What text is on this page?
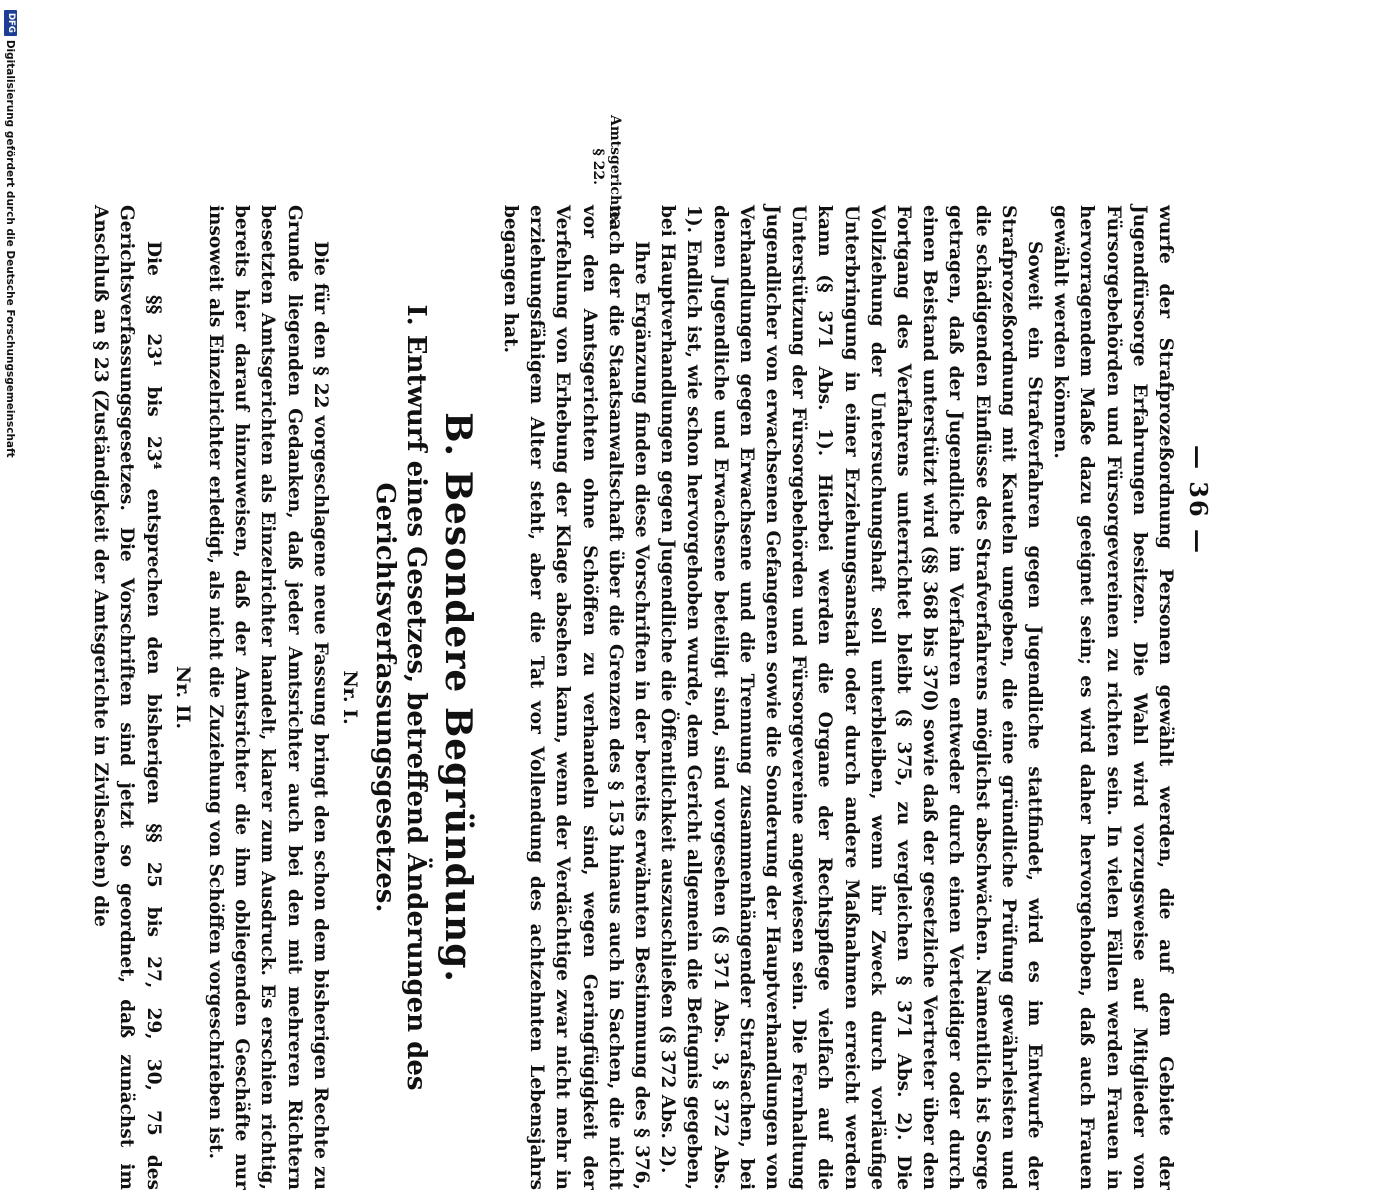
— 36 —
Amtsgerichte.
§ 22.

wurfe der Strafprozeßordnung Personen gewählt werden, die auf dem Gebiete der Jugendfürsorge Erfahrungen besitzen. Die Wahl wird vorzugsweise auf Mitglieder von Fürsorgebehörden und Fürsorgevereinen zu richten sein. In vielen Fällen werden Frauen in hervorragendem Maße dazu geeignet sein; es wird daher hervorgehoben, daß auch Frauen gewählt werden können.

Soweit ein Strafverfahren gegen Jugendliche stattfindet, wird es im Entwurfe der Strafprozeßordnung mit Kauteln umgeben, die eine gründliche Prüfung gewährleisten und die schädigenden Einflüsse des Strafverfahrens möglichst abschwächen. Namentlich ist Sorge getragen, daß der Jugendliche im Verfahren entweder durch einen Verteidiger oder durch einen Beistand unterstützt wird (§§ 368 bis 370) sowie daß der gesetzliche Vertreter über den Fortgang des Verfahrens unterrichtet bleibt (§ 375, zu vergleichen § 371 Abs. 2). Die Vollziehung der Untersuchungshaft soll unterbleiben, wenn ihr Zweck durch vorläufige Unterbringung in einer Erziehungsanstalt oder durch andere Maßnahmen erreicht werden kann (§ 371 Abs. 1). Hierbei werden die Organe der Rechtspflege vielfach auf die Unterstützung der Fürsorgebehörden und Fürsorgevereine angewiesen sein. Die Fernhaltung Jugendlicher von erwachsenen Gefangenen sowie die Sonderung der Hauptverhandlungen von Verhandlungen gegen Erwachsene und die Trennung zusammenhängender Strafsachen, bei denen Jugendliche und Erwachsene beteiligt sind, sind vorgesehen (§ 371 Abs. 3, § 372 Abs. 1). Endlich ist, wie schon hervorgehoben wurde, dem Gericht allgemein die Befugnis gegeben, bei Hauptverhandlungen gegen Jugendliche die Öffentlichkeit auszuschließen (§ 372 Abs. 2).

Ihre Ergänzung finden diese Vorschriften in der bereits erwähnten Bestimmung des § 376, nach der die Staatsanwaltschaft über die Grenzen des § 153 hinaus auch in Sachen, die nicht vor den Amtsgerichten ohne Schöffen zu verhandeln sind, wegen Geringfügigkeit der Verfehlung von Erhebung der Klage absehen kann, wenn der Verdächtige zwar nicht mehr in erziehungsfähigem Alter steht, aber die Tat vor Vollendung des achtzehnten Lebensjahrs begangen hat.

B. Besondere Begründung.
I. Entwurf eines Gesetzes, betreffend Änderungen des Gerichtsverfassungsgesetzes.
Nr. I.

Die für den § 22 vorgeschlagene neue Fassung bringt den schon dem bisherigen Rechte zu Grunde liegenden Gedanken, daß jeder Amtsrichter auch bei den mit mehreren Richtern besetzten Amtsgerichten als Einzelrichter handelt, klarer zum Ausdruck. Es erschien richtig, bereits hier darauf hinzuweisen, daß der Amtsrichter die ihm obliegenden Geschäfte nur insoweit als Einzelrichter erledigt, als nicht die Zuziehung von Schöffen vorgeschrieben ist.

Nr. II.

Die §§ 23¹ bis 23⁴ entsprechen den bisherigen §§ 25 bis 27, 29, 30, 75 des Gerichtsverfassungsgesetzes. Die Vorschriften sind jetzt so geordnet, daß zunächst im Anschluß an § 23 (Zuständigkeit der Amtsgerichte in Zivilsachen) die

DFG
Digitalisierung gefördert durch die Deutsche Forschungsgemeinschaft
